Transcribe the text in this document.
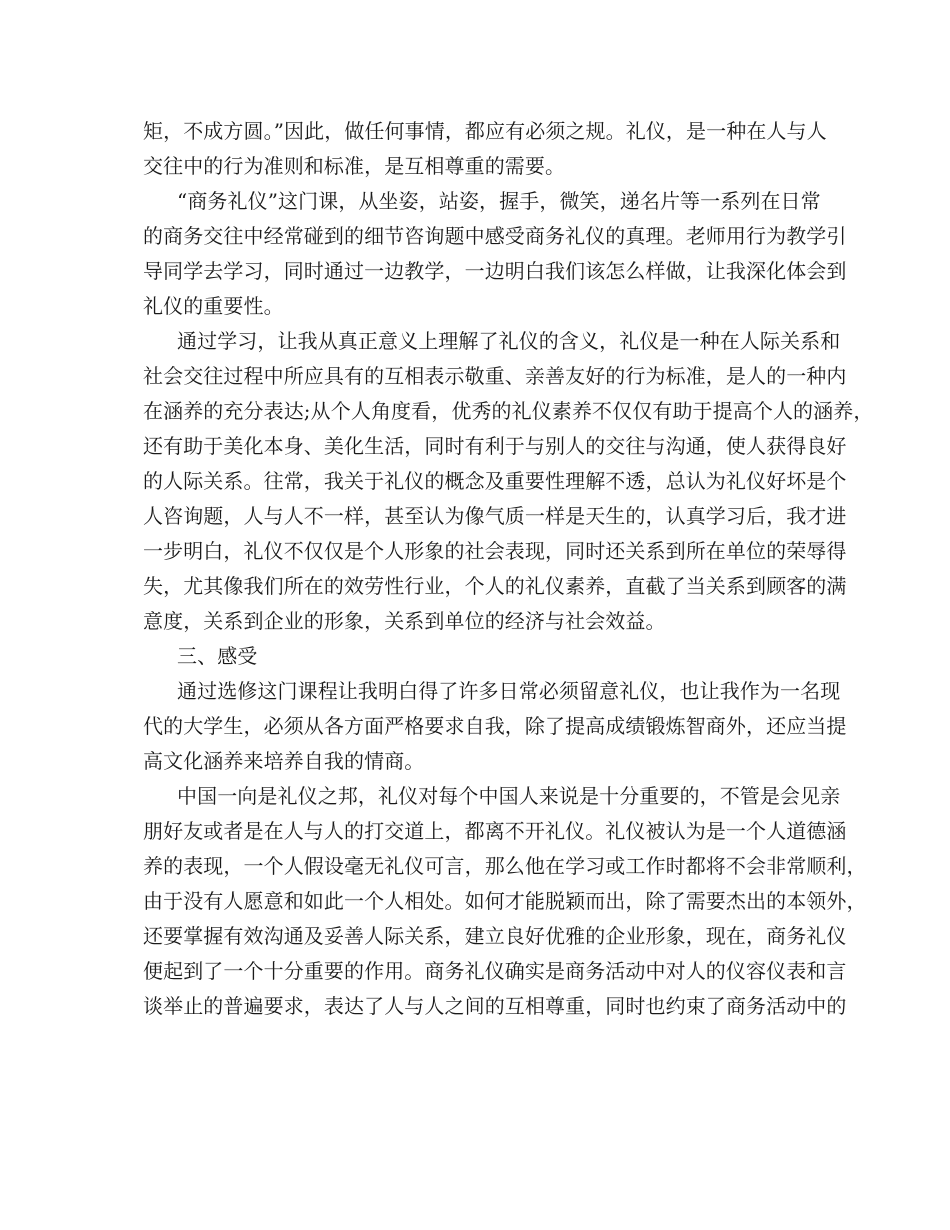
矩，不成方圆。”因此，做任何事情，都应有必须之规。礼仪，是一种在人与人
交往中的行为准则和标准，是互相尊重的需要。
“商务礼仪”这门课，从坐姿，站姿，握手，微笑，递名片等一系列在日常
的商务交往中经常碰到的细节咨询题中感受商务礼仪的真理。老师用行为教学引
导同学去学习，同时通过一边教学，一边明白我们该怎么样做，让我深化体会到
礼仪的重要性。
通过学习，让我从真正意义上理解了礼仪的含义，礼仪是一种在人际关系和
社会交往过程中所应具有的互相表示敬重、亲善友好的行为标准，是人的一种内
在涵养的充分表达;从个人角度看，优秀的礼仪素养不仅仅有助于提高个人的涵养，
还有助于美化本身、美化生活，同时有利于与别人的交往与沟通，使人获得良好
的人际关系。往常，我关于礼仪的概念及重要性理解不透，总认为礼仪好坏是个
人咨询题，人与人不一样，甚至认为像气质一样是天生的，认真学习后，我才进
一步明白，礼仪不仅仅是个人形象的社会表现，同时还关系到所在单位的荣辱得
失，尤其像我们所在的效劳性行业，个人的礼仪素养，直截了当关系到顾客的满
意度，关系到企业的形象，关系到单位的经济与社会效益。
三、感受
通过选修这门课程让我明白得了许多日常必须留意礼仪，也让我作为一名现
代的大学生，必须从各方面严格要求自我，除了提高成绩锻炼智商外，还应当提
高文化涵养来培养自我的情商。
中国一向是礼仪之邦，礼仪对每个中国人来说是十分重要的，不管是会见亲
朋好友或者是在人与人的打交道上，都离不开礼仪。礼仪被认为是一个人道德涵
养的表现，一个人假设毫无礼仪可言，那么他在学习或工作时都将不会非常顺利，
由于没有人愿意和如此一个人相处。如何才能脱颖而出，除了需要杰出的本领外，
还要掌握有效沟通及妥善人际关系，建立良好优雅的企业形象，现在，商务礼仪
便起到了一个十分重要的作用。商务礼仪确实是商务活动中对人的仪容仪表和言
谈举止的普遍要求，表达了人与人之间的互相尊重，同时也约束了商务活动中的
